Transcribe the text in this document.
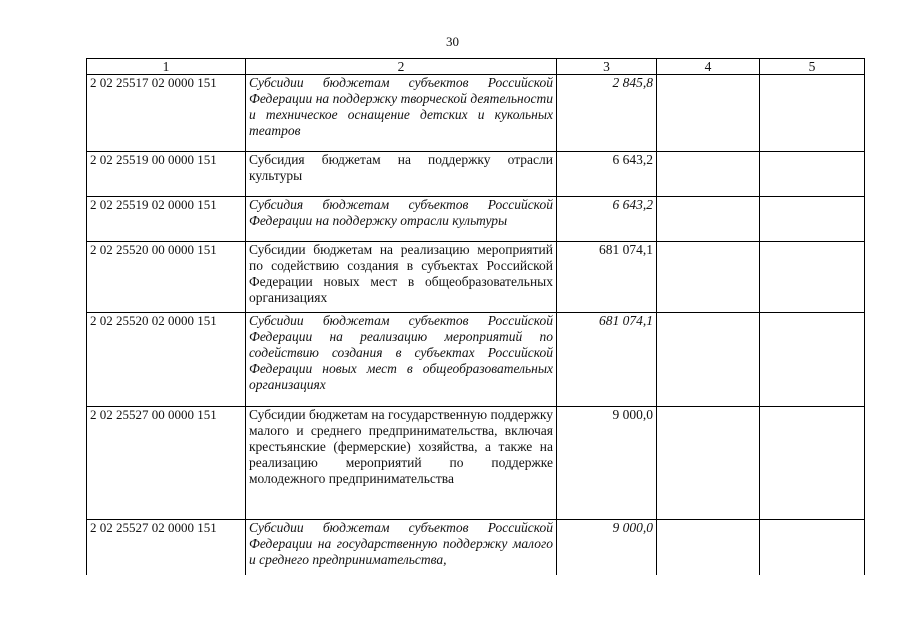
30
1	2	3	4	5
2 02 25517 02 0000 151	Субсидии бюджетам субъектов Российской Федерации на поддержку творческой деятельности и техническое оснащение детских и кукольных театров	2 845,8		
2 02 25519 00 0000 151	Субсидия бюджетам на поддержку отрасли культуры	6 643,2		
2 02 25519 02 0000 151	Субсидия бюджетам субъектов Российской Федерации на поддержку отрасли культуры	6 643,2		
2 02 25520 00 0000 151	Субсидии бюджетам на реализацию мероприятий по содействию создания в субъектах Российской Федерации новых мест в общеобразовательных организациях	681 074,1		
2 02 25520 02 0000 151	Субсидии бюджетам субъектов Российской Федерации на реализацию мероприятий по содействию создания в субъектах Российской Федерации новых мест в общеобразовательных организациях	681 074,1		
2 02 25527 00 0000 151	Субсидии бюджетам на государственную поддержку малого и среднего предпринимательства, включая крестьянские (фермерские) хозяйства, а также на реализацию мероприятий по поддержке молодежного предпринимательства	9 000,0		
2 02 25527 02 0000 151	Субсидии бюджетам субъектов Российской Федерации на государственную поддержку малого и среднего предпринимательства,	9 000,0		
